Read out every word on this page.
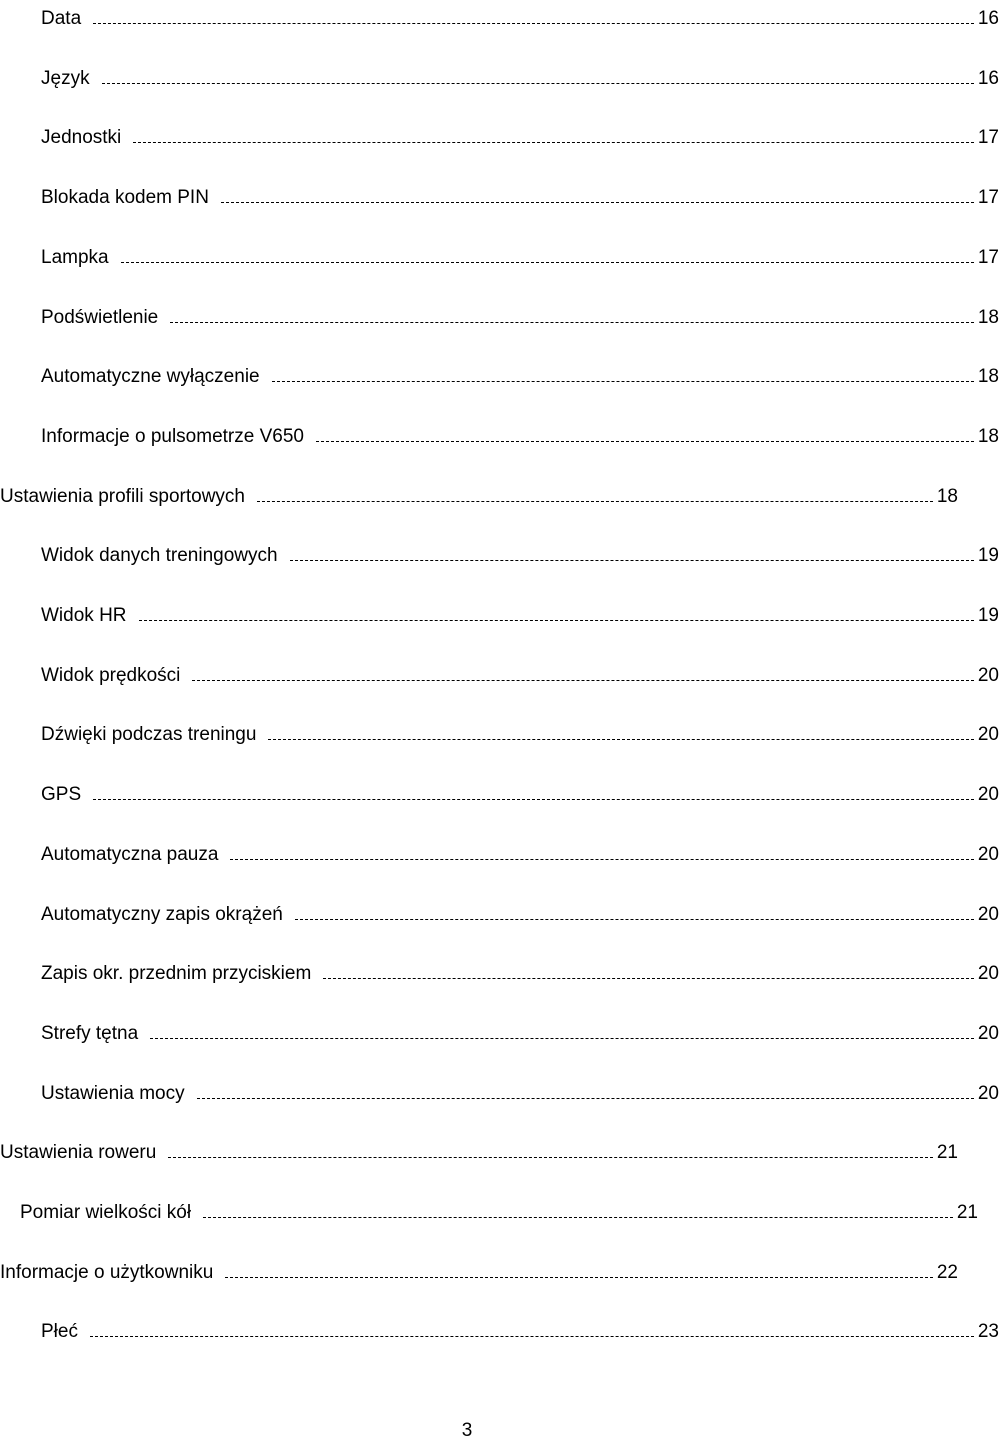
Data	16
Język	16
Jednostki	17
Blokada kodem PIN	17
Lampka	17
Podświetlenie	18
Automatyczne wyłączenie	18
Informacje o pulsometrze V650	18
Ustawienia profili sportowych	18
Widok danych treningowych	19
Widok HR	19
Widok prędkości	20
Dźwięki podczas treningu	20
GPS	20
Automatyczna pauza	20
Automatyczny zapis okrążeń	20
Zapis okr. przednim przyciskiem	20
Strefy tętna	20
Ustawienia mocy	20
Ustawienia roweru	21
Pomiar wielkości kół	21
Informacje o użytkowniku	22
Płeć	23
3
